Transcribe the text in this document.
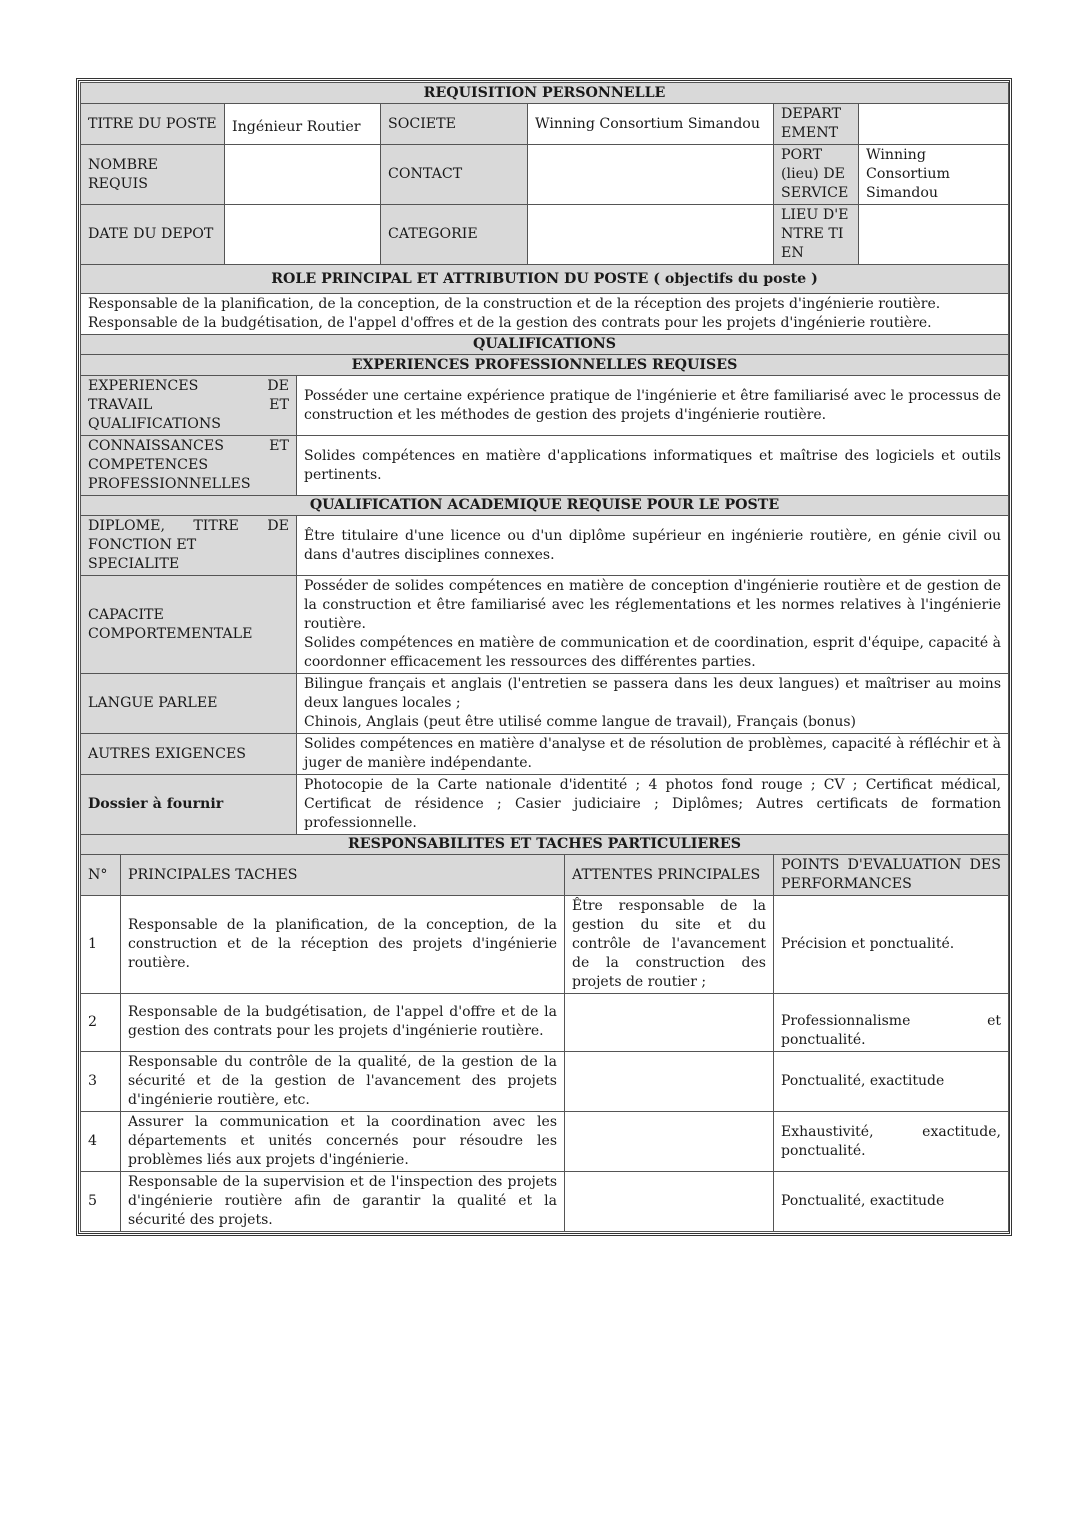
REQUISITION PERSONNELLE					
TITRE DU POSTE	Ingénieur Routier	SOCIETE	Winning Consortium Simandou	DEPART EMENT	
NOMBRE REQUIS		CONTACT		PORT (lieu) DE SERVICE	Winning Consortium Simandou
DATE DU DEPOT		CATEGORIE		LIEU D'ENTRE TIEN	
ROLE PRINCIPAL ET ATTRIBUTION DU POSTE ( objectifs du poste )					

Responsable de la planification, de la conception, de la construction et de la réception des projets d'ingénierie routière.
Responsable de la budgétisation, de l'appel d'offres et de la gestion des contrats pour les projets d'ingénierie routière.					

QUALIFICATIONS					
EXPERIENCES PROFESSIONNELLES REQUISES					
EXPERIENCES DE TRAVAIL ET QUALIFICATIONS	Posséder une certaine expérience pratique de l'ingénierie et être familiarisé avec le processus de construction et les méthodes de gestion des projets d'ingénierie routière.

CONNAISSANCES ET
COMPETENCES PROFESSIONNELLES	Solides compétences en matière d'applications informatiques et maîtrise des logiciels et outils pertinents.
QUALIFICATION ACADEMIQUE REQUISE POUR LE POSTE	

DIPLOME, TITRE DE
FONCTION ET SPECIALITE	Être titulaire d'une licence ou d'un diplôme supérieur en ingénierie routière, en génie civil ou dans d'autres disciplines connexes.
CAPACITE COMPORTEMENTALE	Posséder de solides compétences en matière de conception d'ingénierie routière et de gestion de la construction et être familiarisé avec les réglementations et les normes relatives à l'ingénierie routière.
Solides compétences en matière de communication et de coordination, esprit d'équipe, capacité à coordonner efficacement les ressources des différentes parties.

LANGUE PARLEE	Bilingue français et anglais (l'entretien se passera dans les deux langues) et maîtriser au moins deux langues locales ;
Chinois, Anglais (peut être utilisé comme langue de travail), Français (bonus)

AUTRES EXIGENCES	Solides compétences en matière d'analyse et de résolution de problèmes, capacité à réfléchir et à juger de manière indépendante.
Dossier à fournir	Photocopie de la Carte nationale d'identité ; 4 photos fond rouge ; CV ; Certificat médical, Certificat de résidence ; Casier judiciaire ; Diplômes; Autres certificats de formation professionnelle.
RESPONSABILITES ET TACHES PARTICULIERES	
N°	PRINCIPALES TACHES	ATTENTES PRINCIPALES	POINTS D'EVALUATION DES
PERFORMANCES

1	Responsable de la planification, de la conception, de la construction et de la réception des projets d'ingénierie routière.	Être responsable de la gestion du site et du contrôle de l'avancement de la construction des projets de routier ;	Précision et ponctualité.
2	Responsable de la budgétisation, de l'appel d'offre et de la gestion des contrats pour les projets d'ingénierie routière.		Professionnalisme et ponctualité.
3	Responsable du contrôle de la qualité, de la gestion de la sécurité et de la gestion de l'avancement des projets d'ingénierie routière, etc.		Ponctualité, exactitude
4	Assurer la communication et la coordination avec les départements et unités concernés pour résoudre les problèmes liés aux projets d'ingénierie.		Exhaustivité, exactitude, ponctualité.
5	Responsable de la supervision et de l'inspection des projets d'ingénierie routière afin de garantir la qualité et la sécurité des projets.		Ponctualité, exactitude
